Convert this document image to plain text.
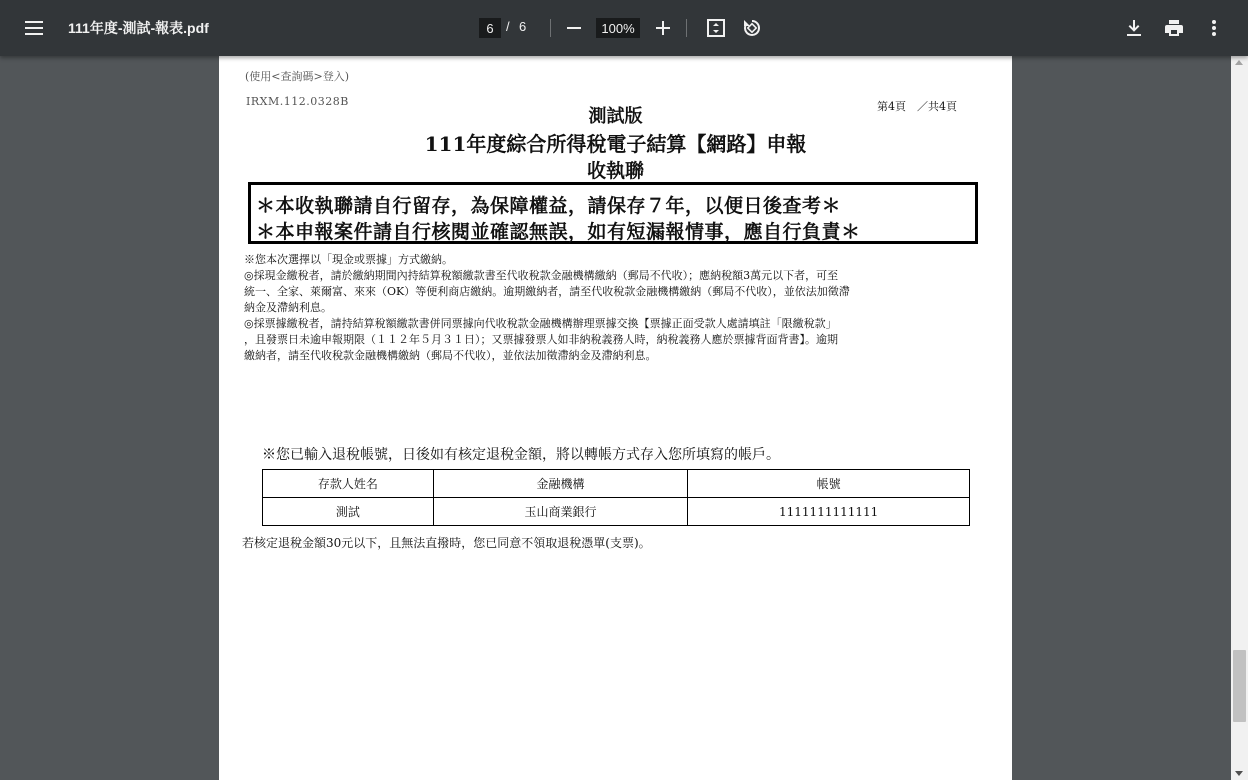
111年度-測試-報表.pdf
6	/ 6
100%
(使用<查詢碼>登入)
IRXM.112.0328B	第4頁　／共4頁
測試版
111年度綜合所得稅電子結算【網路】申報
收執聯
＊本收執聯請自行留存，為保障權益，請保存７年，以便日後查考＊
＊本申報案件請自行核閱並確認無誤，如有短漏報情事，應自行負責＊
※您本次選擇以「現金或票據」方式繳納。
◎採現金繳稅者，請於繳納期間內持結算稅額繳款書至代收稅款金融機構繳納（郵局不代收）；應納稅額3萬元以下者，可至
統一、全家、萊爾富、來來（OK）等便利商店繳納。逾期繳納者，請至代收稅款金融機構繳納（郵局不代收），並依法加徵滯
納金及滯納利息。
◎採票據繳稅者，請持結算稅額繳款書併同票據向代收稅款金融機構辦理票據交換【票據正面受款人處請填註「限繳稅款」
，且發票日未逾申報期限（１１２年５月３１日）；又票據發票人如非納稅義務人時，納稅義務人應於票據背面背書】。逾期
繳納者，請至代收稅款金融機構繳納（郵局不代收），並依法加徵滯納金及滯納利息。
※您已輸入退稅帳號，日後如有核定退稅金額，將以轉帳方式存入您所填寫的帳戶。
存款人姓名	金融機構	帳號
測試	玉山商業銀行	1111111111111
若核定退稅金額30元以下，且無法直撥時，您已同意不領取退稅憑單(支票)。
